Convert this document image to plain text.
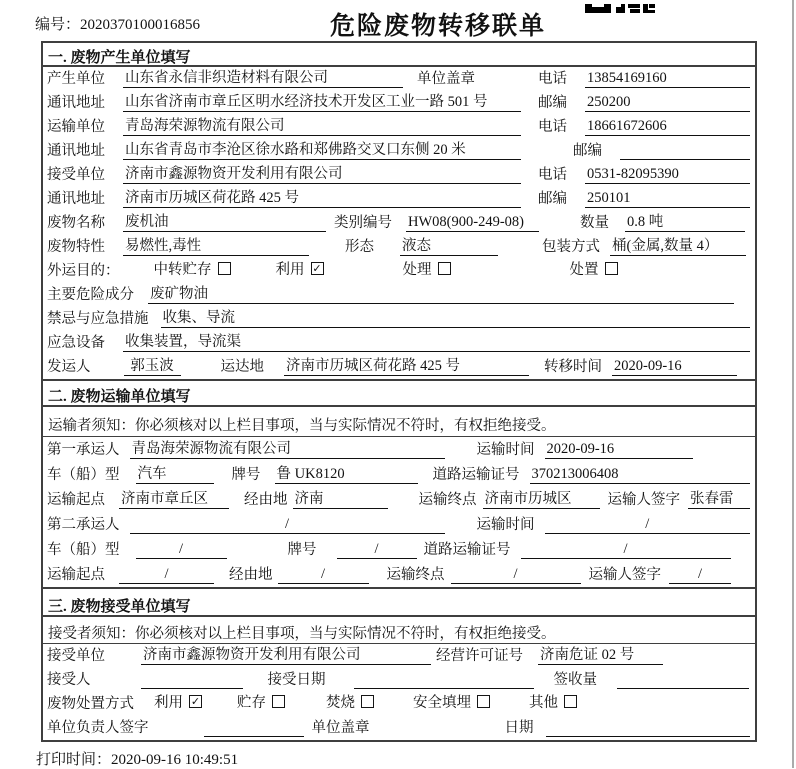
编号：2020370100016856	危险废物转移联单
一. 废物产生单位填写
产生单位 山东省永信非织造材料有限公司	单位盖章	电话 13854169160
通讯地址 山东省济南市章丘区明水经济技术开发区工业一路 501 号	邮编 250200
运输单位 青岛海荣源物流有限公司	电话 18661672606
通讯地址 山东省青岛市李沧区徐水路和郑佛路交叉口东侧 20 米	邮编
接受单位 济南市鑫源物资开发利用有限公司	电话 0531-82095390
通讯地址 济南市历城区荷花路 425 号	邮编 250101
废物名称 废机油	类别编号 HW08(900-249-08)	数量 0.8 吨
废物特性 易燃性,毒性	形态 液态	包装方式 桶(金属,数量 4）
外运目的： 中转贮存	利用 ✓	处理	处置
主要危险成分 废矿物油
禁忌与应急措施 收集、导流
应急设备 收集装置，导流渠
发运人	郭玉波	运达地 济南市历城区荷花路 425 号	转移时间 2020-09-16
二. 废物运输单位填写
运输者须知：你必须核对以上栏目事项，当与实际情况不符时，有权拒绝接受。
第一承运人 青岛海荣源物流有限公司	运输时间 2020-09-16
车（船）型 汽车	牌号 鲁 UK8120	道路运输证号 370213006408
运输起点 济南市章丘区	经由地 济南	运输终点 济南市历城区	运输人签字 张春雷
第二承运人	/	运输时间	/
车（船）型	/	牌号	/	道路运输证号	/
运输起点	/	经由地	/	运输终点	/	运输人签字	/
三. 废物接受单位填写
接受者须知：你必须核对以上栏目事项，当与实际情况不符时，有权拒绝接受。
接受单位	济南市鑫源物资开发利用有限公司	经营许可证号 济南危证 02 号
接受人	接受日期	签收量
废物处置方式 利用 ✓	贮存	焚烧	安全填埋	其他
单位负责人签字	单位盖章	日期
打印时间：2020-09-16 10:49:51
